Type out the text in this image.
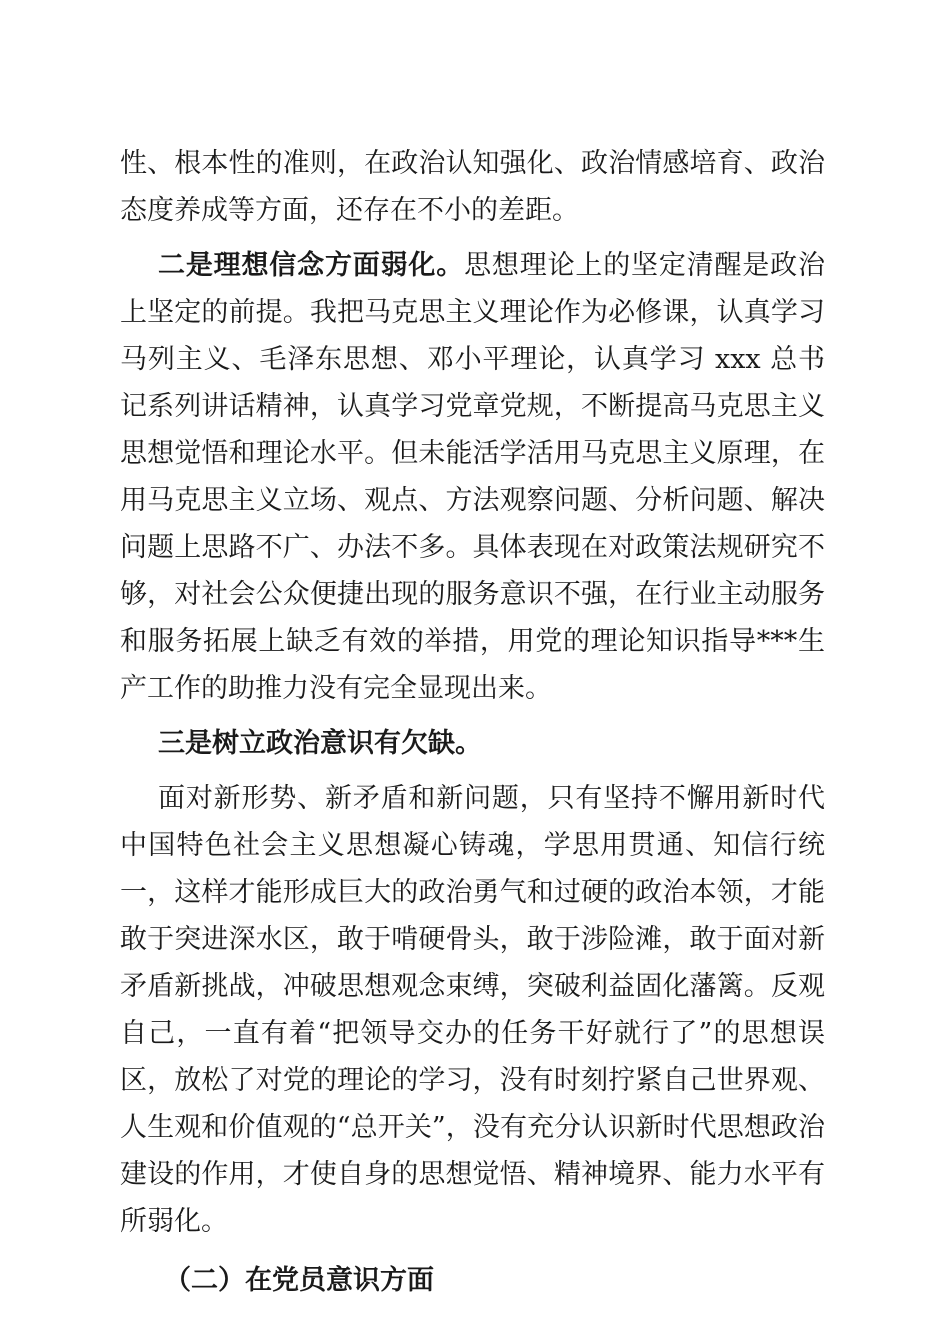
性、根本性的准则，在政治认知强化、政治情感培育、政治态度养成等方面，还存在不小的差距。

二是理想信念方面弱化。思想理论上的坚定清醒是政治上坚定的前提。我把马克思主义理论作为必修课，认真学习马列主义、毛泽东思想、邓小平理论，认真学习 xxx 总书记系列讲话精神，认真学习党章党规，不断提高马克思主义思想觉悟和理论水平。但未能活学活用马克思主义原理，在用马克思主义立场、观点、方法观察问题、分析问题、解决问题上思路不广、办法不多。具体表现在对政策法规研究不够，对社会公众便捷出现的服务意识不强，在行业主动服务和服务拓展上缺乏有效的举措，用党的理论知识指导***生产工作的助推力没有完全显现出来。

三是树立政治意识有欠缺。

面对新形势、新矛盾和新问题，只有坚持不懈用新时代中国特色社会主义思想凝心铸魂，学思用贯通、知信行统一，这样才能形成巨大的政治勇气和过硬的政治本领，才能敢于突进深水区，敢于啃硬骨头，敢于涉险滩，敢于面对新矛盾新挑战，冲破思想观念束缚，突破利益固化藩篱。反观自己，一直有着“把领导交办的任务干好就行了”的思想误区，放松了对党的理论的学习，没有时刻拧紧自己世界观、人生观和价值观的“总开关”，没有充分认识新时代思想政治建设的作用，才使自身的思想觉悟、精神境界、能力水平有所弱化。

（二）在党员意识方面
